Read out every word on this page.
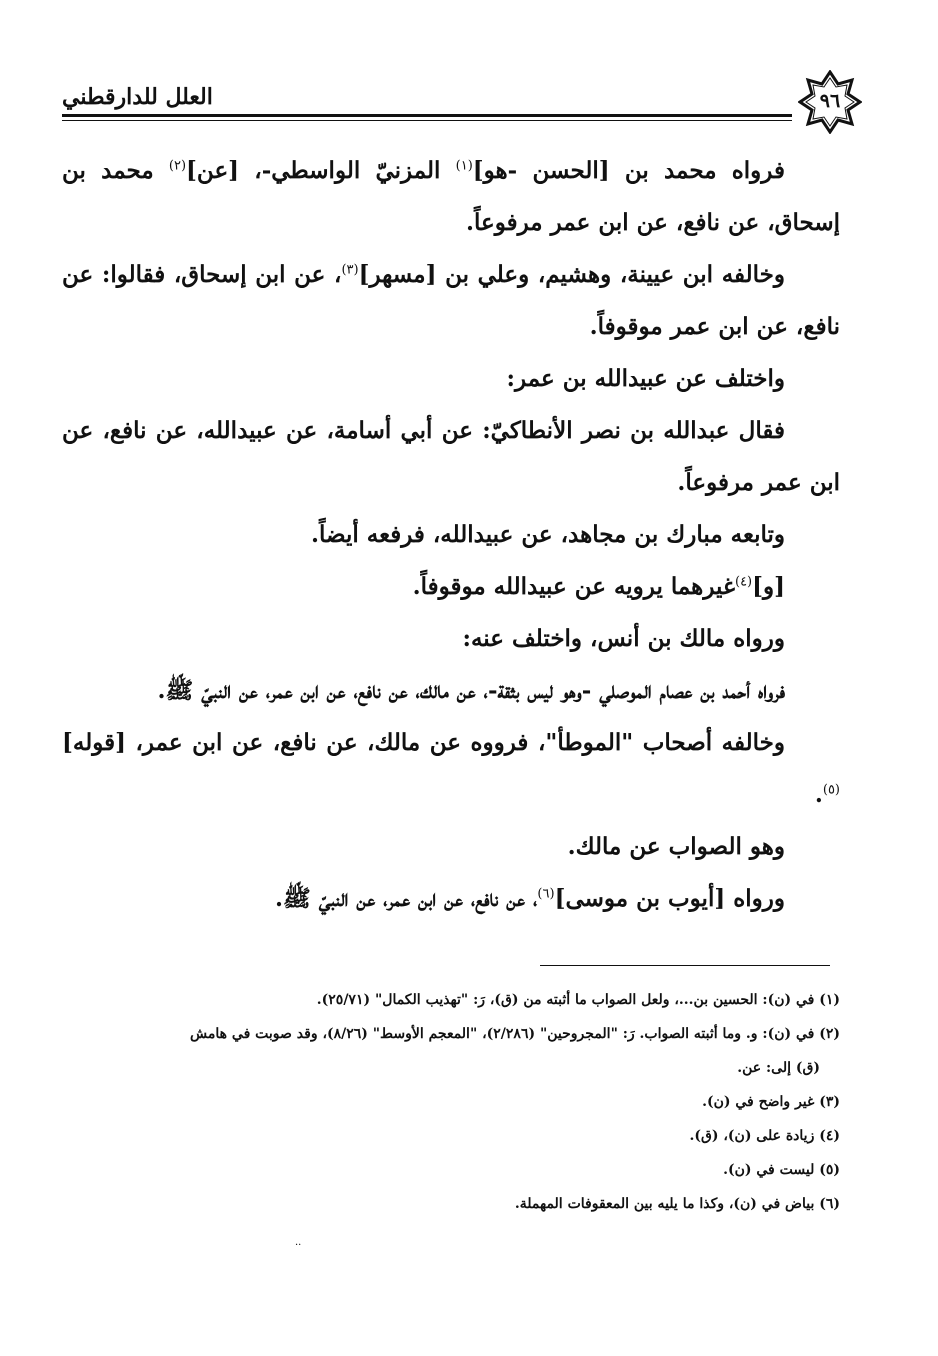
العلل للدارقطني	٩٦

فرواه محمد بن [الحسن -هو]$^{(١)}$ المزنيّ الواسطي-، [عن]$^{(٢)}$ محمد بن إسحاق، عن نافع، عن ابن عمر مرفوعاً.

وخالفه ابن عيينة، وهشيم، وعلي بن [مسهر]$^{(٣)}$، عن ابن إسحاق، فقالوا: عن نافع، عن ابن عمر موقوفاً.

واختلف عن عبيدالله بن عمر:

فقال عبدالله بن نصر الأنطاكيّ: عن أبي أسامة، عن عبيدالله، عن نافع، عن ابن عمر مرفوعاً.

وتابعه مبارك بن مجاهد، عن عبيدالله، فرفعه أيضاً.

[و]$^{(٤)}$غيرهما يرويه عن عبيدالله موقوفاً.

ورواه مالك بن أنس، واختلف عنه:

فرواه أحمد بن عصام الموصلي -وهو ليس بثقة-، عن مالك، عن نافع، عن ابن عمر، عن النبيّ ﷺ.

وخالفه أصحاب "الموطأ"، فرووه عن مالك، عن نافع، عن ابن عمر، [قوله]$^{(٥)}$.

وهو الصواب عن مالك.

ورواه [أيوب بن موسى]$^{(٦)}$، عن نافع، عن ابن عمر، عن النبيّ ﷺ.

(١) في (ن): الحسين بن...، ولعل الصواب ما أثبته من (ق)، رَ: "تهذيب الكمال" (٢٥/٧١).

(٢) في (ن): و. وما أثبته الصواب. رَ: "المجروحين" (٢/٢٨٦)، "المعجم الأوسط" (٨/٢٦)، وقد صوبت في هامش

(ق) إلى: عن.

(٣) غير واضح في (ن).

(٤) زيادة على (ن)، (ق).

(٥) ليست في (ن).

(٦) بياض في (ن)، وكذا ما يليه بين المعقوفات المهملة.

··
